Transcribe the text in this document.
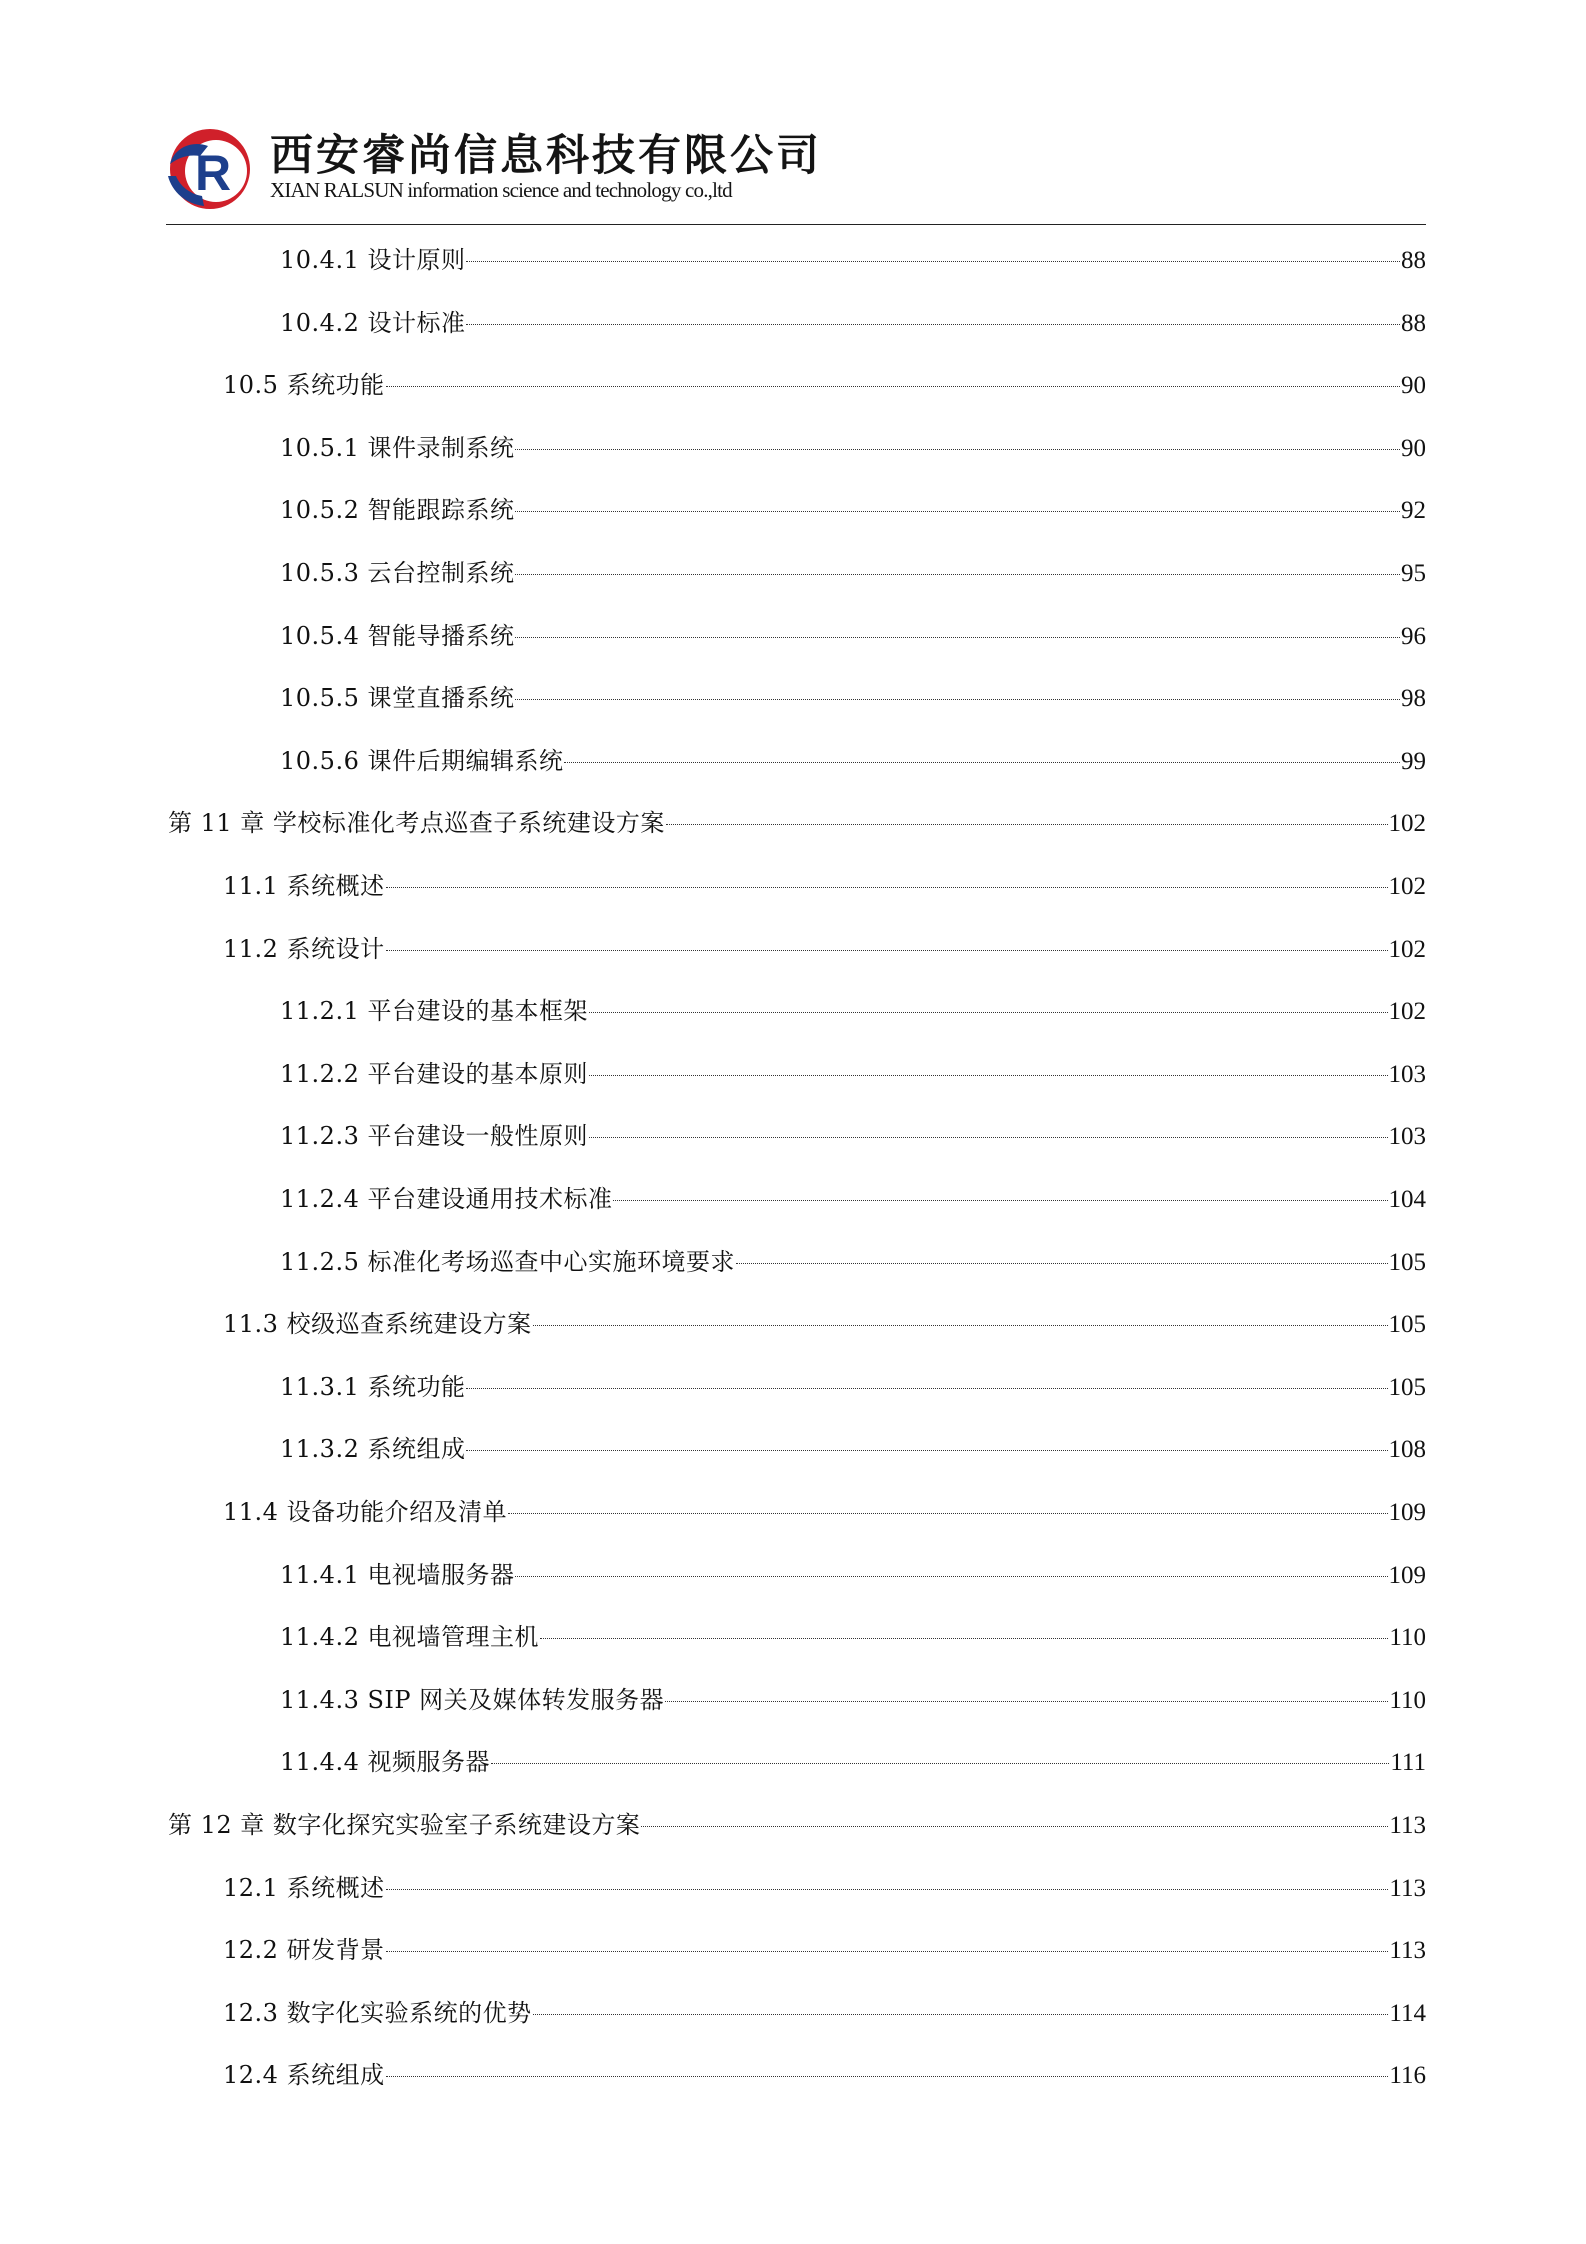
R 西安睿尚信息科技有限公司
XIAN RALSUN information science and technology co.,ltd
10.4.1 设计原则	88
10.4.2 设计标准	88
10.5 系统功能	90
10.5.1 课件录制系统	90
10.5.2 智能跟踪系统	92
10.5.3 云台控制系统	95
10.5.4 智能导播系统	96
10.5.5 课堂直播系统	98
10.5.6 课件后期编辑系统	99
第 11 章 学校标准化考点巡查子系统建设方案	102
11.1 系统概述	102
11.2 系统设计	102
11.2.1 平台建设的基本框架	102
11.2.2 平台建设的基本原则	103
11.2.3 平台建设一般性原则	103
11.2.4 平台建设通用技术标准	104
11.2.5 标准化考场巡查中心实施环境要求	105
11.3 校级巡查系统建设方案	105
11.3.1 系统功能	105
11.3.2 系统组成	108
11.4 设备功能介绍及清单	109
11.4.1 电视墙服务器	109
11.4.2 电视墙管理主机	110
11.4.3 SIP 网关及媒体转发服务器	110
11.4.4 视频服务器	111
第 12 章 数字化探究实验室子系统建设方案	113
12.1 系统概述	113
12.2 研发背景	113
12.3 数字化实验系统的优势	114
12.4 系统组成	116
